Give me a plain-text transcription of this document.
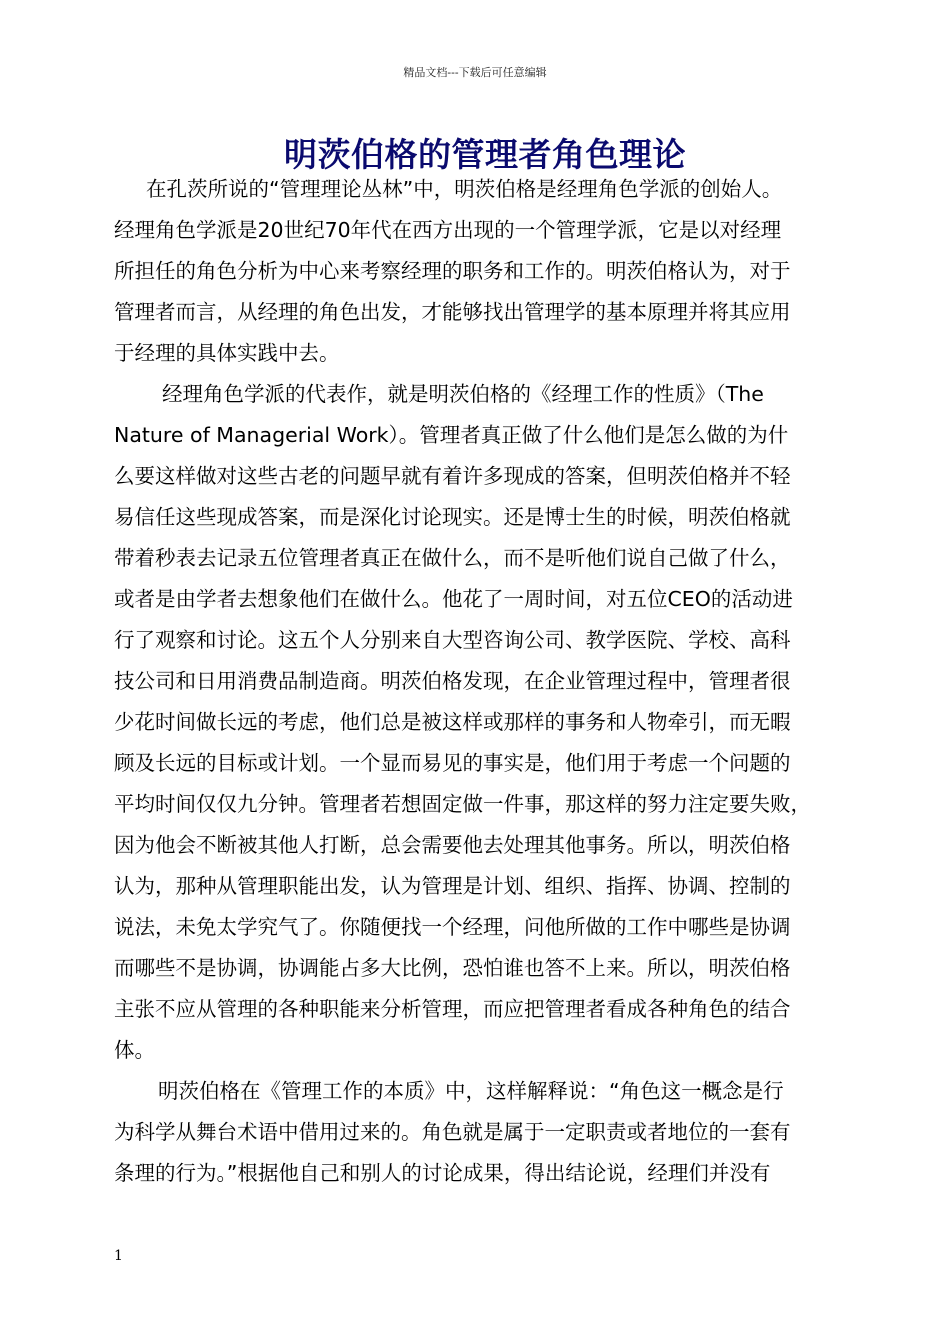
精品文档---下载后可任意编辑
明茨伯格的管理者角色理论
在孔茨所说的“管理理论丛林”中，明茨伯格是经理角色学派的创始人。
经理角色学派是20世纪70年代在西方出现的一个管理学派，它是以对经理
所担任的角色分析为中心来考察经理的职务和工作的。明茨伯格认为，对于
管理者而言，从经理的角色出发，才能够找出管理学的基本原理并将其应用
于经理的具体实践中去。
经理角色学派的代表作，就是明茨伯格的《经理工作的性质》（The
Nature of Managerial Work）。管理者真正做了什么他们是怎么做的为什
么要这样做对这些古老的问题早就有着许多现成的答案，但明茨伯格并不轻
易信任这些现成答案，而是深化讨论现实。还是博士生的时候，明茨伯格就
带着秒表去记录五位管理者真正在做什么，而不是听他们说自己做了什么，
或者是由学者去想象他们在做什么。他花了一周时间，对五位CEO的活动进
行了观察和讨论。这五个人分别来自大型咨询公司、教学医院、学校、高科
技公司和日用消费品制造商。明茨伯格发现，在企业管理过程中，管理者很
少花时间做长远的考虑，他们总是被这样或那样的事务和人物牵引，而无暇
顾及长远的目标或计划。一个显而易见的事实是，他们用于考虑一个问题的
平均时间仅仅九分钟。管理者若想固定做一件事，那这样的努力注定要失败，
因为他会不断被其他人打断，总会需要他去处理其他事务。所以，明茨伯格
认为，那种从管理职能出发，认为管理是计划、组织、指挥、协调、控制的
说法，未免太学究气了。你随便找一个经理，问他所做的工作中哪些是协调
而哪些不是协调，协调能占多大比例，恐怕谁也答不上来。所以，明茨伯格
主张不应从管理的各种职能来分析管理，而应把管理者看成各种角色的结合
体。
明茨伯格在《管理工作的本质》中，这样解释说：“角色这一概念是行
为科学从舞台术语中借用过来的。角色就是属于一定职责或者地位的一套有
条理的行为。”根据他自己和别人的讨论成果，得出结论说，经理们并没有
1
